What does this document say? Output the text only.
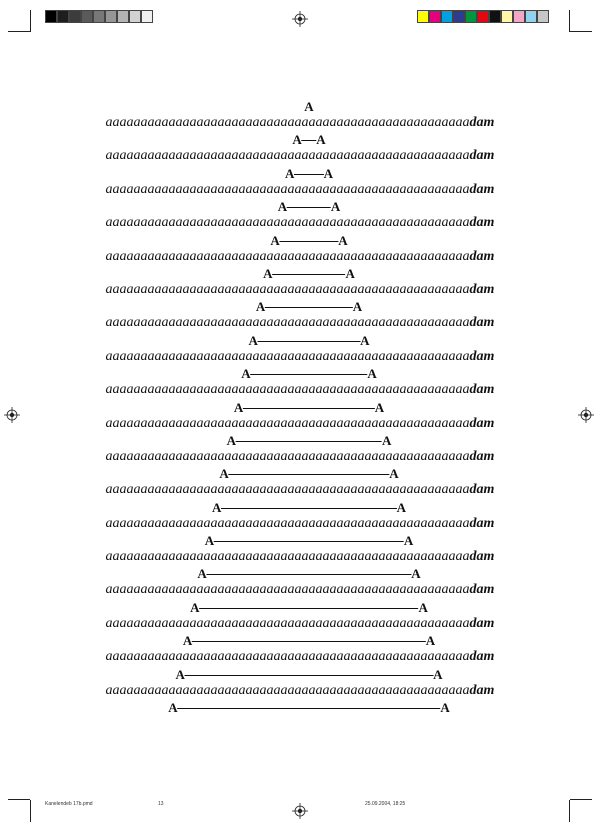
A
aaaaaaaaaaaaaaaaaaaaaaaaaaaaaaaaaaaaaaaaaaaaaaaaaaaadam
A A
aaaaaaaaaaaaaaaaaaaaaaaaaaaaaaaaaaaaaaaaaaaaaaaaaaaadam
A A
aaaaaaaaaaaaaaaaaaaaaaaaaaaaaaaaaaaaaaaaaaaaaaaaaaaadam
A	A
aaaaaaaaaaaaaaaaaaaaaaaaaaaaaaaaaaaaaaaaaaaaaaaaaaaadam
A	A
aaaaaaaaaaaaaaaaaaaaaaaaaaaaaaaaaaaaaaaaaaaaaaaaaaaadam
A	A
aaaaaaaaaaaaaaaaaaaaaaaaaaaaaaaaaaaaaaaaaaaaaaaaaaaadam
A	A
aaaaaaaaaaaaaaaaaaaaaaaaaaaaaaaaaaaaaaaaaaaaaaaaaaaadam
A	A
aaaaaaaaaaaaaaaaaaaaaaaaaaaaaaaaaaaaaaaaaaaaaaaaaaaadam
A	A
aaaaaaaaaaaaaaaaaaaaaaaaaaaaaaaaaaaaaaaaaaaaaaaaaaaadam
A	A
aaaaaaaaaaaaaaaaaaaaaaaaaaaaaaaaaaaaaaaaaaaaaaaaaaaadam
A	A
aaaaaaaaaaaaaaaaaaaaaaaaaaaaaaaaaaaaaaaaaaaaaaaaaaaadam
A	A
aaaaaaaaaaaaaaaaaaaaaaaaaaaaaaaaaaaaaaaaaaaaaaaaaaaadam
A	A
aaaaaaaaaaaaaaaaaaaaaaaaaaaaaaaaaaaaaaaaaaaaaaaaaaaadam
A	A
aaaaaaaaaaaaaaaaaaaaaaaaaaaaaaaaaaaaaaaaaaaaaaaaaaaadam
A	A
aaaaaaaaaaaaaaaaaaaaaaaaaaaaaaaaaaaaaaaaaaaaaaaaaaaadam
A	A
aaaaaaaaaaaaaaaaaaaaaaaaaaaaaaaaaaaaaaaaaaaaaaaaaaaadam
A	A
aaaaaaaaaaaaaaaaaaaaaaaaaaaaaaaaaaaaaaaaaaaaaaaaaaaadam
A	A
aaaaaaaaaaaaaaaaaaaaaaaaaaaaaaaaaaaaaaaaaaaaaaaaaaaadam
A	A
Kanelendeb 17b.pmd	13	25.09.2004, 18:25
